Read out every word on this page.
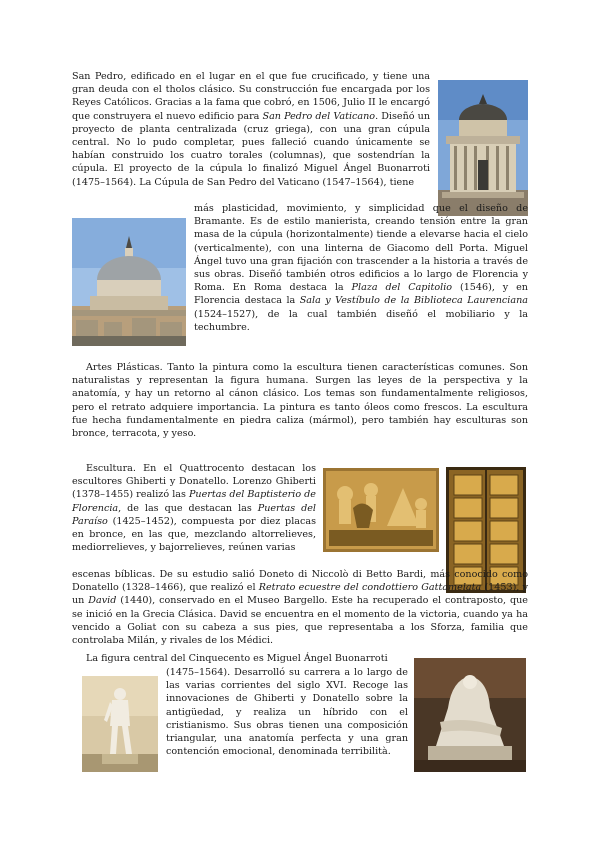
San Pedro, edificado en el lugar en el que fue crucificado, y tiene una gran deuda con el tholos clásico. Su construcción fue encargada por los Reyes Católicos. Gracias a la fama que cobró, en 1506, Julio II le encargó que construyera el nuevo edificio para San Pedro del Vaticano. Diseñó un proyecto de planta centralizada (cruz griega), con una gran cúpula central. No lo pudo completar, pues falleció cuando únicamente se habían construido los cuatro torales (columnas), que sostendrían la cúpula. El proyecto de la cúpula lo finalizó Miguel Ángel Buonarroti (1475–1564). La Cúpula de San Pedro del Vaticano (1547–1564), tiene

más plasticidad, movimiento, y simplicidad que el diseño de Bramante. Es de estilo manierista, creando tensión entre la gran masa de la cúpula (horizontalmente) tiende a elevarse hacia el cielo (verticalmente), con una linterna de Giacomo dell Porta. Miguel Ángel tuvo una gran fijación con trascender a la historia a través de sus obras. Diseñó también otros edificios a lo largo de Florencia y Roma. En Roma destaca la Plaza del Capitolio (1546), y en Florencia destaca la Sala y Vestíbulo de la Biblioteca Laurenciana (1524–1527), de la cual también diseñó el mobiliario y la techumbre.

Artes Plásticas. Tanto la pintura como la escultura tienen características comunes. Son naturalistas y representan la figura humana. Surgen las leyes de la perspectiva y la anatomía, y hay un retorno al cánon clásico. Los temas son fundamentalmente religiosos, pero el retrato adquiere importancia. La pintura es tanto óleos como frescos. La escultura fue hecha fundamentalmente en piedra caliza (mármol), pero también hay esculturas son bronce, terracota, y yeso.

Escultura. En el Quattrocento destacan los escultores Ghiberti y Donatello. Lorenzo Ghiberti (1378–1455) realizó las Puertas del Baptisterio de Florencia, de las que destacan las Puertas del Paraíso (1425–1452), compuesta por diez placas en bronce, en las que, mezclando altorrelieves, mediorrelieves, y bajorrelieves, reúnen varias

escenas bíblicas. De su estudio salió Doneto di Niccolò di Betto Bardi, más conocido como Donatello (1328–1466), que realizó el Retrato ecuestre del condottiero Gattamelata (1453), y un David (1440), conservado en el Museo Bargello. Este ha recuperado el contraposto, que se inició en la Grecia Clásica. David se encuentra en el momento de la victoria, cuando ya ha vencido a Goliat con su cabeza a sus pies, que representaba a los Sforza, familia que controlaba Milán, y rivales de los Médici.

La figura central del Cinquecento es Miguel Ángel Buonarroti

(1475–1564). Desarrolló su carrera a lo largo de las varias corrientes del siglo XVI. Recoge las innovaciones de Ghiberti y Donatello sobre la antigüedad, y realiza un híbrido con el cristianismo. Sus obras tienen una composición triangular, una anatomía perfecta y una gran contención emocional, denominada terribilità.
